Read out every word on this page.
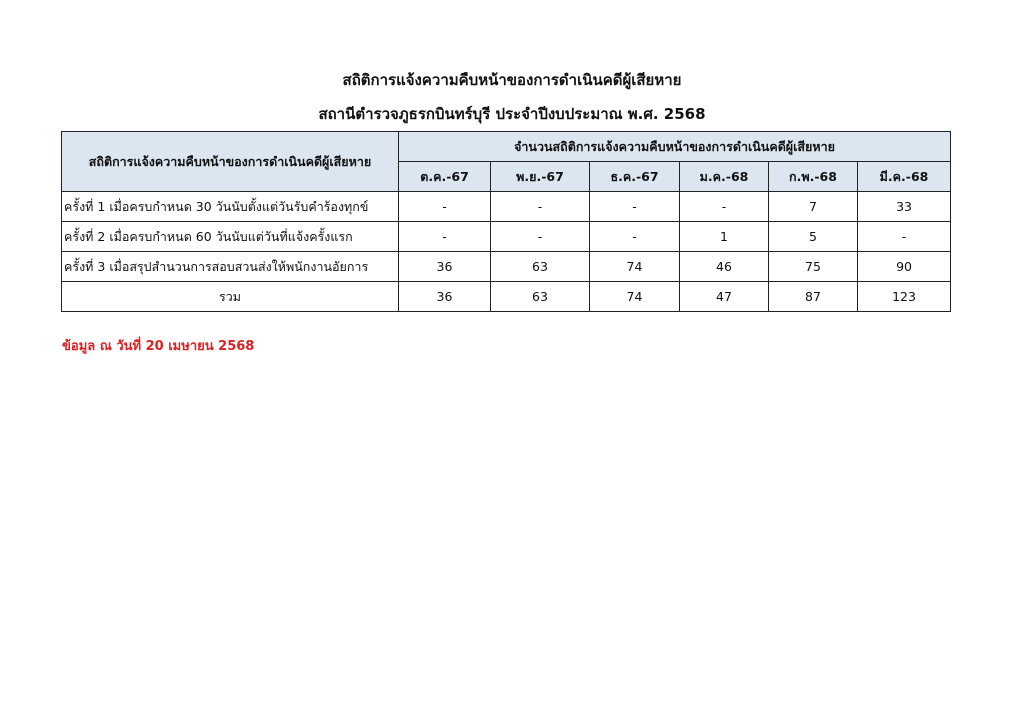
สถิติการแจ้งความคืบหน้าของการดำเนินคดีผู้เสียหาย
สถานีตำรวจภูธรกบินทร์บุรี ประจำปีงบประมาณ พ.ศ. 2568
สถิติการแจ้งความคืบหน้าของการดำเนินคดีผู้เสียหาย	จำนวนสถิติการแจ้งความคืบหน้าของการดำเนินคดีผู้เสียหาย					
	ต.ค.-67	พ.ย.-67	ธ.ค.-67	ม.ค.-68	ก.พ.-68	มี.ค.-68
ครั้งที่ 1 เมื่อครบกำหนด 30 วันนับตั้งแต่วันรับคำร้องทุกข์	-	-	-	-	7	33
ครั้งที่ 2 เมื่อครบกำหนด 60 วันนับแต่วันที่แจ้งครั้งแรก	-	-	-	1	5	-
ครั้งที่ 3 เมื่อสรุปสำนวนการสอบสวนส่งให้พนักงานอัยการ	36	63	74	46	75	90
รวม	36	63	74	47	87	123
ข้อมูล ณ วันที่ 20 เมษายน 2568
